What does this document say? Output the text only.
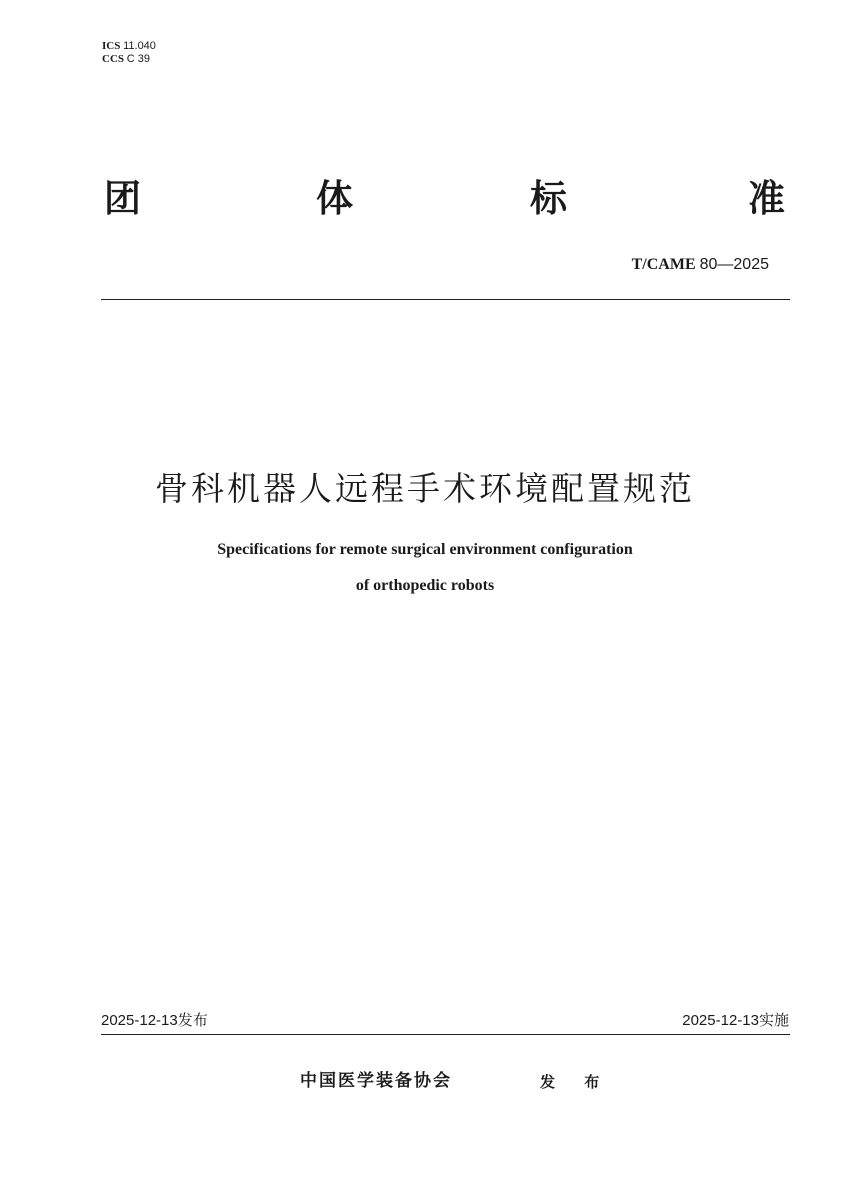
ICS 11.040
CCS C 39
团	体	标	准
T/CAME 80—2025
骨科机器人远程手术环境配置规范
Specifications for remote surgical environment configuration
of orthopedic robots
2025-12-13发布	2025-12-13实施
中国医学装备协会	发 布
